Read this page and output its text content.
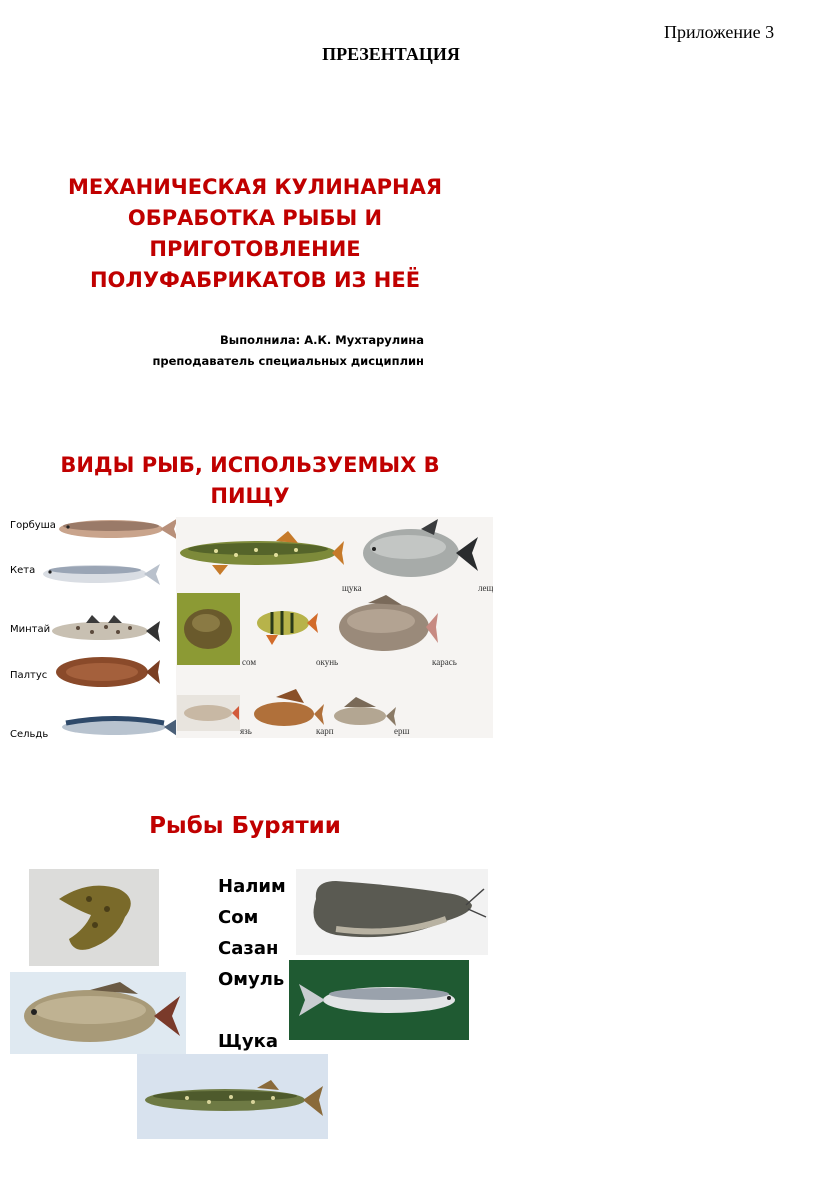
Приложение 3
ПРЕЗЕНТАЦИЯ
МЕХАНИЧЕСКАЯ КУЛИНАРНАЯ
ОБРАБОТКА РЫБЫ И
ПРИГОТОВЛЕНИЕ
ПОЛУФАБРИКАТОВ ИЗ НЕЁ
Выполнила: А.К. Мухтарулина
преподаватель специальных дисциплин
ВИДЫ РЫБ, ИСПОЛЬЗУЕМЫХ В
ПИЩУ
Горбуша
Кета
Минтай
Палтус
Сельдь
щука	лещ
сом	окунь	карась
язь	карп	ерш
Рыбы Бурятии
Налим
Сом
Сазан
Омуль
Щука
